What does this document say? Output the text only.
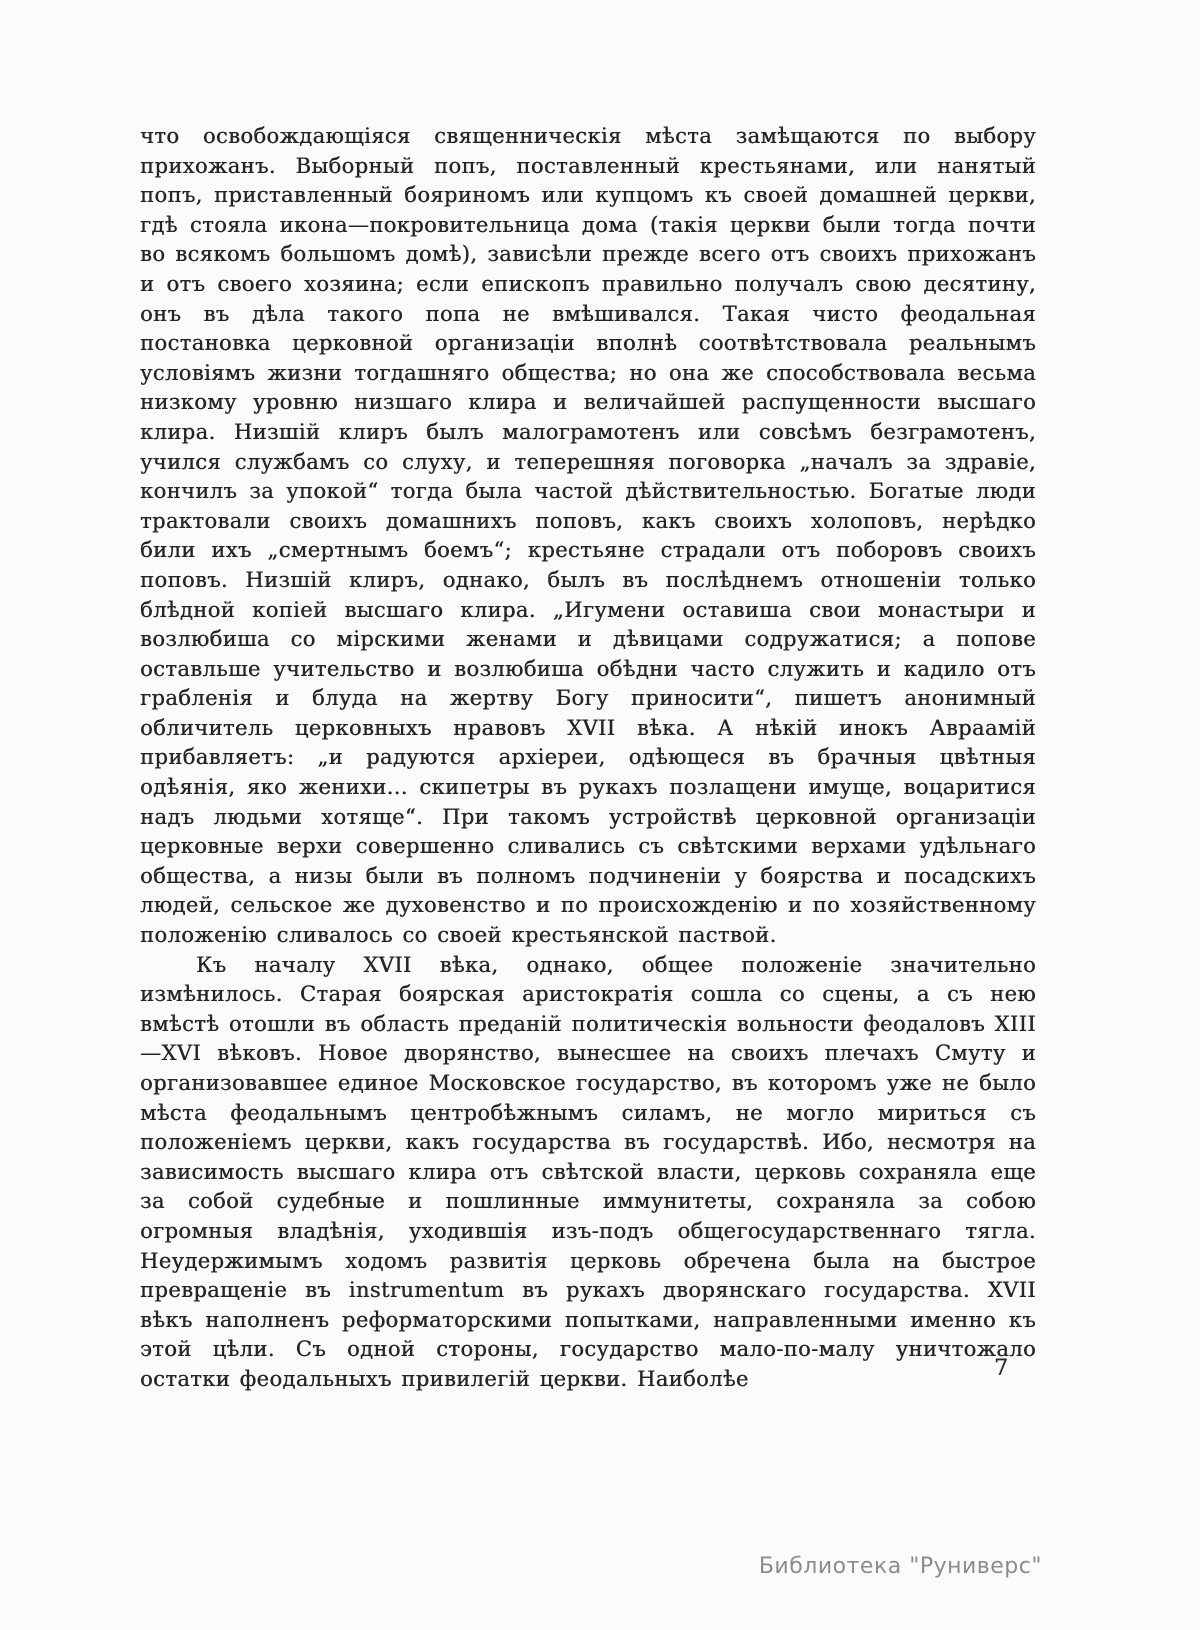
что освобождающіяся священническія мѣста замѣщаются по выбору прихожанъ. Выборный попъ, поставленный крестьянами, или нанятый попъ, приставленный бояриномъ или купцомъ къ своей домашней церкви, гдѣ стояла икона—покровительница дома (такія церкви были тогда почти во всякомъ большомъ домѣ), зависѣли прежде всего отъ своихъ прихожанъ и отъ своего хозяина; если епископъ правильно получалъ свою десятину, онъ въ дѣла такого попа не вмѣшивался. Такая чисто феодальная постановка церковной организаціи вполнѣ соотвѣтствовала реальнымъ условіямъ жизни тогдашняго общества; но она же способствовала весьма низкому уровню низшаго клира и величайшей распущенности высшаго клира. Низшій клиръ былъ малограмотенъ или совсѣмъ безграмотенъ, учился службамъ со слуху, и теперешняя поговорка „началъ за здравіе, кончилъ за упокой“ тогда была частой дѣйствительностью. Богатые люди трактовали своихъ домашнихъ поповъ, какъ своихъ холоповъ, нерѣдко били ихъ „смертнымъ боемъ“; крестьяне страдали отъ поборовъ своихъ поповъ. Низшій клиръ, однако, былъ въ послѣднемъ отношеніи только блѣдной копіей высшаго клира. „Игумени оставиша свои монастыри и возлюбиша со мірскими женами и дѣвицами содружатися; а попове оставльше учительство и возлюбиша обѣдни часто служить и кадило отъ грабленія и блуда на жертву Богу приносити“, пишетъ анонимный обличитель церковныхъ нравовъ XVII вѣка. А нѣкій инокъ Авраамій прибавляетъ: „и радуются архіереи, одѣющеся въ брачныя цвѣтныя одѣянія, яко женихи... скипетры въ рукахъ позлащени имуще, воцаритися надъ людьми хотяще“. При такомъ устройствѣ церковной организаціи церковные верхи совершенно сливались съ свѣтскими верхами удѣльнаго общества, а низы были въ полномъ подчиненіи у боярства и посадскихъ людей, сельское же духовенство и по происхожденію и по хозяйственному положенію сливалось со своей крестьянской паствой.

Къ началу XVII вѣка, однако, общее положеніе значительно измѣнилось. Старая боярская аристократія сошла со сцены, а съ нею вмѣстѣ отошли въ область преданій политическія вольности феодаловъ XIII—XVI вѣковъ. Новое дворянство, вынесшее на своихъ плечахъ Смуту и организовавшее единое Московское государство, въ которомъ уже не было мѣста феодальнымъ центробѣжнымъ силамъ, не могло мириться съ положеніемъ церкви, какъ государства въ государствѣ. Ибо, несмотря на зависимость высшаго клира отъ свѣтской власти, церковь сохраняла еще за собой судебные и пошлинные иммунитеты, сохраняла за собою огромныя владѣнія, уходившія изъ-подъ общегосударственнаго тягла. Неудержимымъ ходомъ развитія церковь обречена была на быстрое превращеніе въ instrumentum въ рукахъ дворянскаго государства. XVII вѣкъ наполненъ реформаторскими попытками, направленными именно къ этой цѣли. Съ одной стороны, государство мало-по-малу уничтожало остатки феодальныхъ привилегій церкви. Наиболѣе	7
Библиотека "Руниверс"
